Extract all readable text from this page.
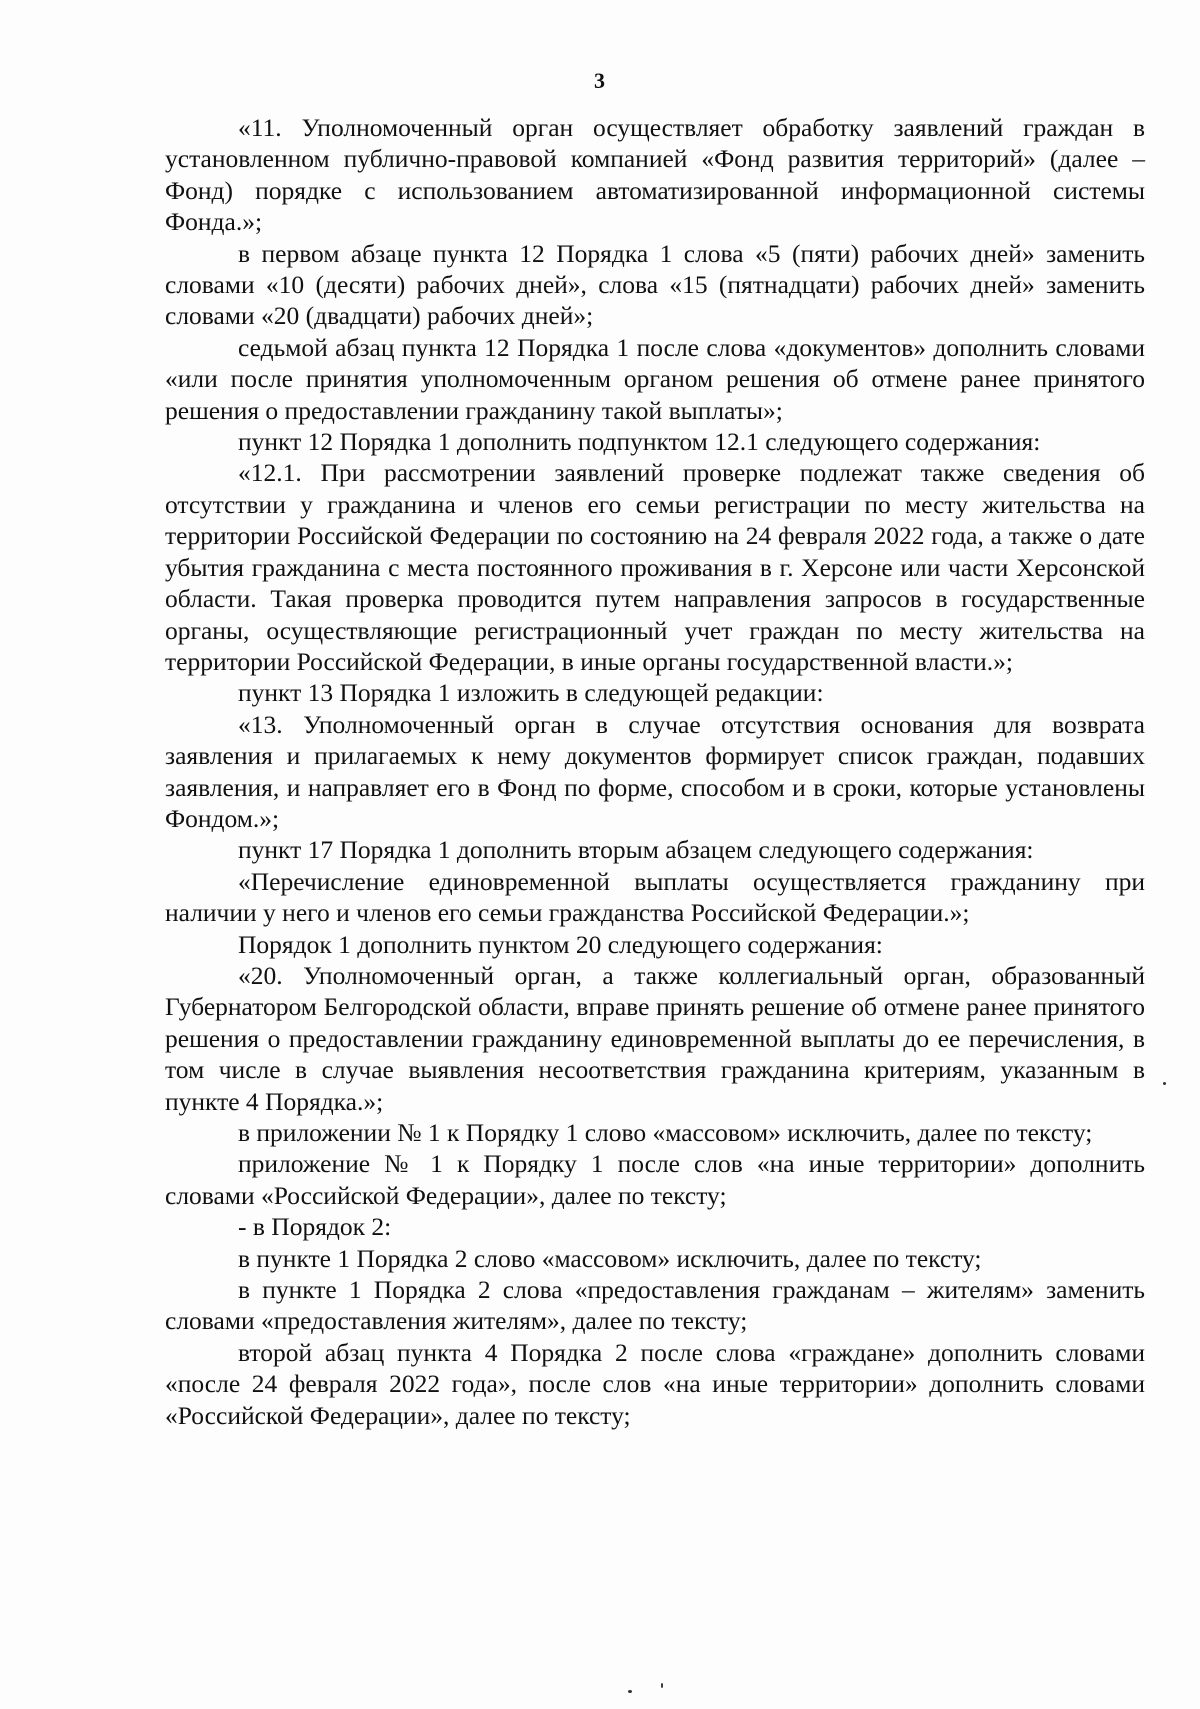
3

«11. Уполномоченный орган осуществляет обработку заявлений граждан в установленном публично-правовой компанией «Фонд развития территорий» (далее – Фонд) порядке с использованием автоматизированной информационной системы Фонда.»;

в первом абзаце пункта 12 Порядка 1 слова «5 (пяти) рабочих дней» заменить словами «10 (десяти) рабочих дней», слова «15 (пятнадцати) рабочих дней» заменить словами «20 (двадцати) рабочих дней»;

седьмой абзац пункта 12 Порядка 1 после слова «документов» дополнить словами «или после принятия уполномоченным органом решения об отмене ранее принятого решения о предоставлении гражданину такой выплаты»;

пункт 12 Порядка 1 дополнить подпунктом 12.1 следующего содержания:

«12.1. При рассмотрении заявлений проверке подлежат также сведения об отсутствии у гражданина и членов его семьи регистрации по месту жительства на территории Российской Федерации по состоянию на 24 февраля 2022 года, а также о дате убытия гражданина с места постоянного проживания в г. Херсоне или части Херсонской области. Такая проверка проводится путем направления запросов в государственные органы, осуществляющие регистрационный учет граждан по месту жительства на территории Российской Федерации, в иные органы государственной власти.»;

пункт 13 Порядка 1 изложить в следующей редакции:

«13. Уполномоченный орган в случае отсутствия основания для возврата заявления и прилагаемых к нему документов формирует список граждан, подавших заявления, и направляет его в Фонд по форме, способом и в сроки, которые установлены Фондом.»;

пункт 17 Порядка 1 дополнить вторым абзацем следующего содержания:

«Перечисление единовременной выплаты осуществляется гражданину при наличии у него и членов его семьи гражданства Российской Федерации.»;

Порядок 1 дополнить пунктом 20 следующего содержания:

«20. Уполномоченный орган, а также коллегиальный орган, образованный Губернатором Белгородской области, вправе принять решение об отмене ранее принятого решения о предоставлении гражданину единовременной выплаты до ее перечисления, в том числе в случае выявления несоответствия гражданина критериям, указанным в пункте 4 Порядка.»;

в приложении № 1 к Порядку 1 слово «массовом» исключить, далее по тексту;

приложение № 1 к Порядку 1 после слов «на иные территории» дополнить словами «Российской Федерации», далее по тексту;

- в Порядок 2:

в пункте 1 Порядка 2 слово «массовом» исключить, далее по тексту;

в пункте 1 Порядка 2 слова «предоставления гражданам – жителям» заменить словами «предоставления жителям», далее по тексту;

второй абзац пункта 4 Порядка 2 после слова «граждане» дополнить словами «после 24 февраля 2022 года», после слов «на иные территории» дополнить словами «Российской Федерации», далее по тексту;
